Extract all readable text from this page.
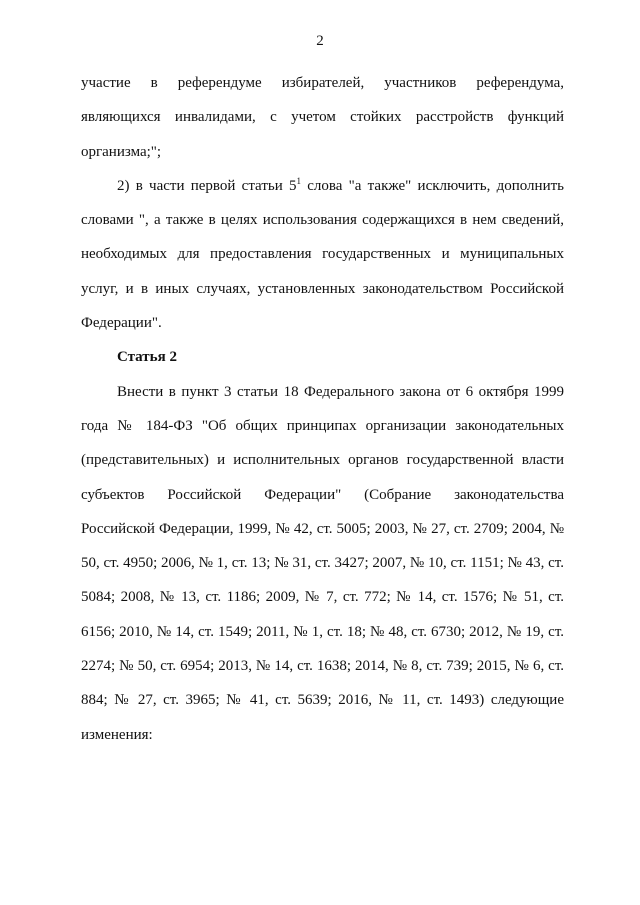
2

участие в референдуме избирателей, участников референдума, являющихся инвалидами, с учетом стойких расстройств функций организма;";

2) в части первой статьи $5^1$ слова "а также" исключить, дополнить словами ", а также в целях использования содержащихся в нем сведений, необходимых для предоставления государственных и муниципальных услуг, и в иных случаях, установленных законодательством Российской Федерации".

Статья 2

Внести в пункт 3 статьи 18 Федерального закона от 6 октября 1999 года № 184-ФЗ "Об общих принципах организации законодательных (представительных) и исполнительных органов государственной власти субъектов Российской Федерации" (Собрание законодательства Российской Федерации, 1999, № 42, ст. 5005; 2003, № 27, ст. 2709; 2004, № 50, ст. 4950; 2006, № 1, ст. 13; № 31, ст. 3427; 2007, № 10, ст. 1151; № 43, ст. 5084; 2008, № 13, ст. 1186; 2009, № 7, ст. 772; № 14, ст. 1576; № 51, ст. 6156; 2010, № 14, ст. 1549; 2011, № 1, ст. 18; № 48, ст. 6730; 2012, № 19, ст. 2274; № 50, ст. 6954; 2013, № 14, ст. 1638; 2014, № 8, ст. 739; 2015, № 6, ст. 884; № 27, ст. 3965; № 41, ст. 5639; 2016, № 11, ст. 1493) следующие изменения:
